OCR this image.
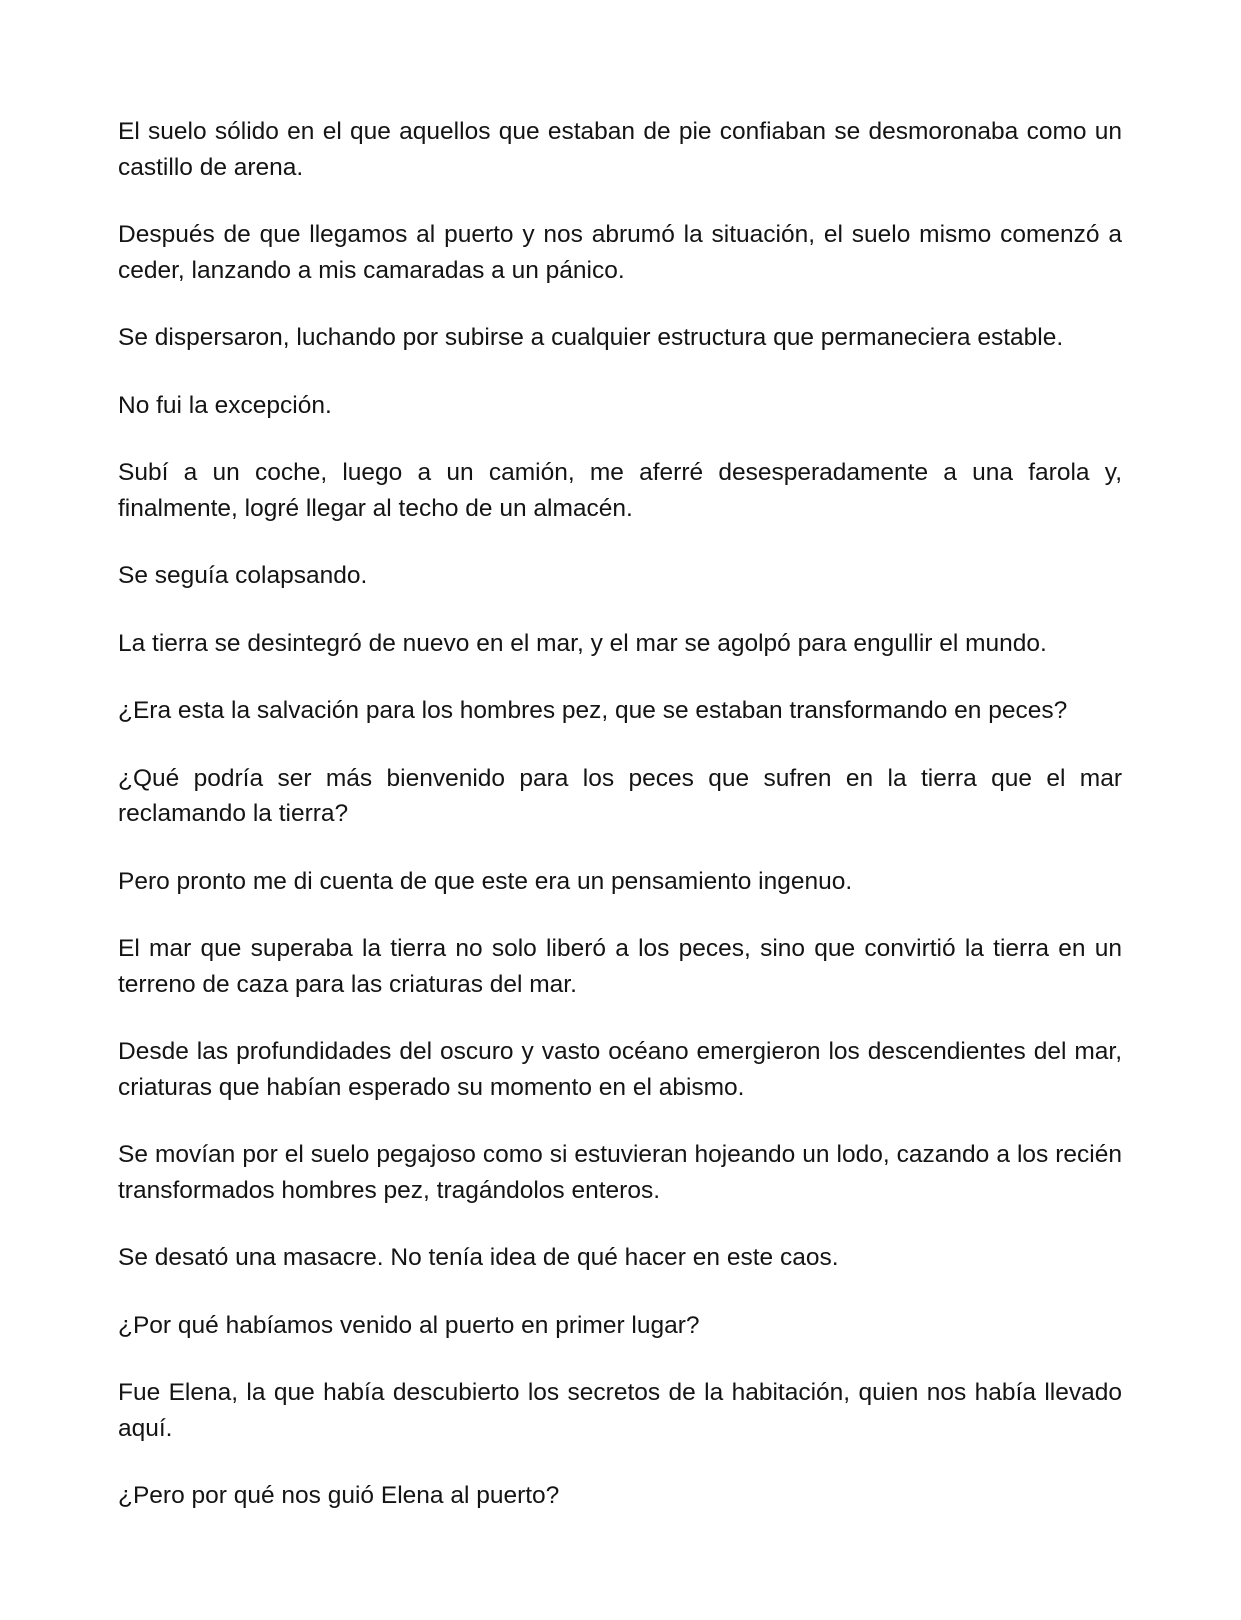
El suelo sólido en el que aquellos que estaban de pie confiaban se desmoronaba como un castillo de arena.

Después de que llegamos al puerto y nos abrumó la situación, el suelo mismo comenzó a ceder, lanzando a mis camaradas a un pánico.

Se dispersaron, luchando por subirse a cualquier estructura que permaneciera estable.

No fui la excepción.

Subí a un coche, luego a un camión, me aferré desesperadamente a una farola y, finalmente, logré llegar al techo de un almacén.

Se seguía colapsando.

La tierra se desintegró de nuevo en el mar, y el mar se agolpó para engullir el mundo.

¿Era esta la salvación para los hombres pez, que se estaban transformando en peces?

¿Qué podría ser más bienvenido para los peces que sufren en la tierra que el mar reclamando la tierra?

Pero pronto me di cuenta de que este era un pensamiento ingenuo.

El mar que superaba la tierra no solo liberó a los peces, sino que convirtió la tierra en un terreno de caza para las criaturas del mar.

Desde las profundidades del oscuro y vasto océano emergieron los descendientes del mar, criaturas que habían esperado su momento en el abismo.

Se movían por el suelo pegajoso como si estuvieran hojeando un lodo, cazando a los recién transformados hombres pez, tragándolos enteros.

Se desató una masacre. No tenía idea de qué hacer en este caos.

¿Por qué habíamos venido al puerto en primer lugar?

Fue Elena, la que había descubierto los secretos de la habitación, quien nos había llevado aquí.

¿Pero por qué nos guió Elena al puerto?
